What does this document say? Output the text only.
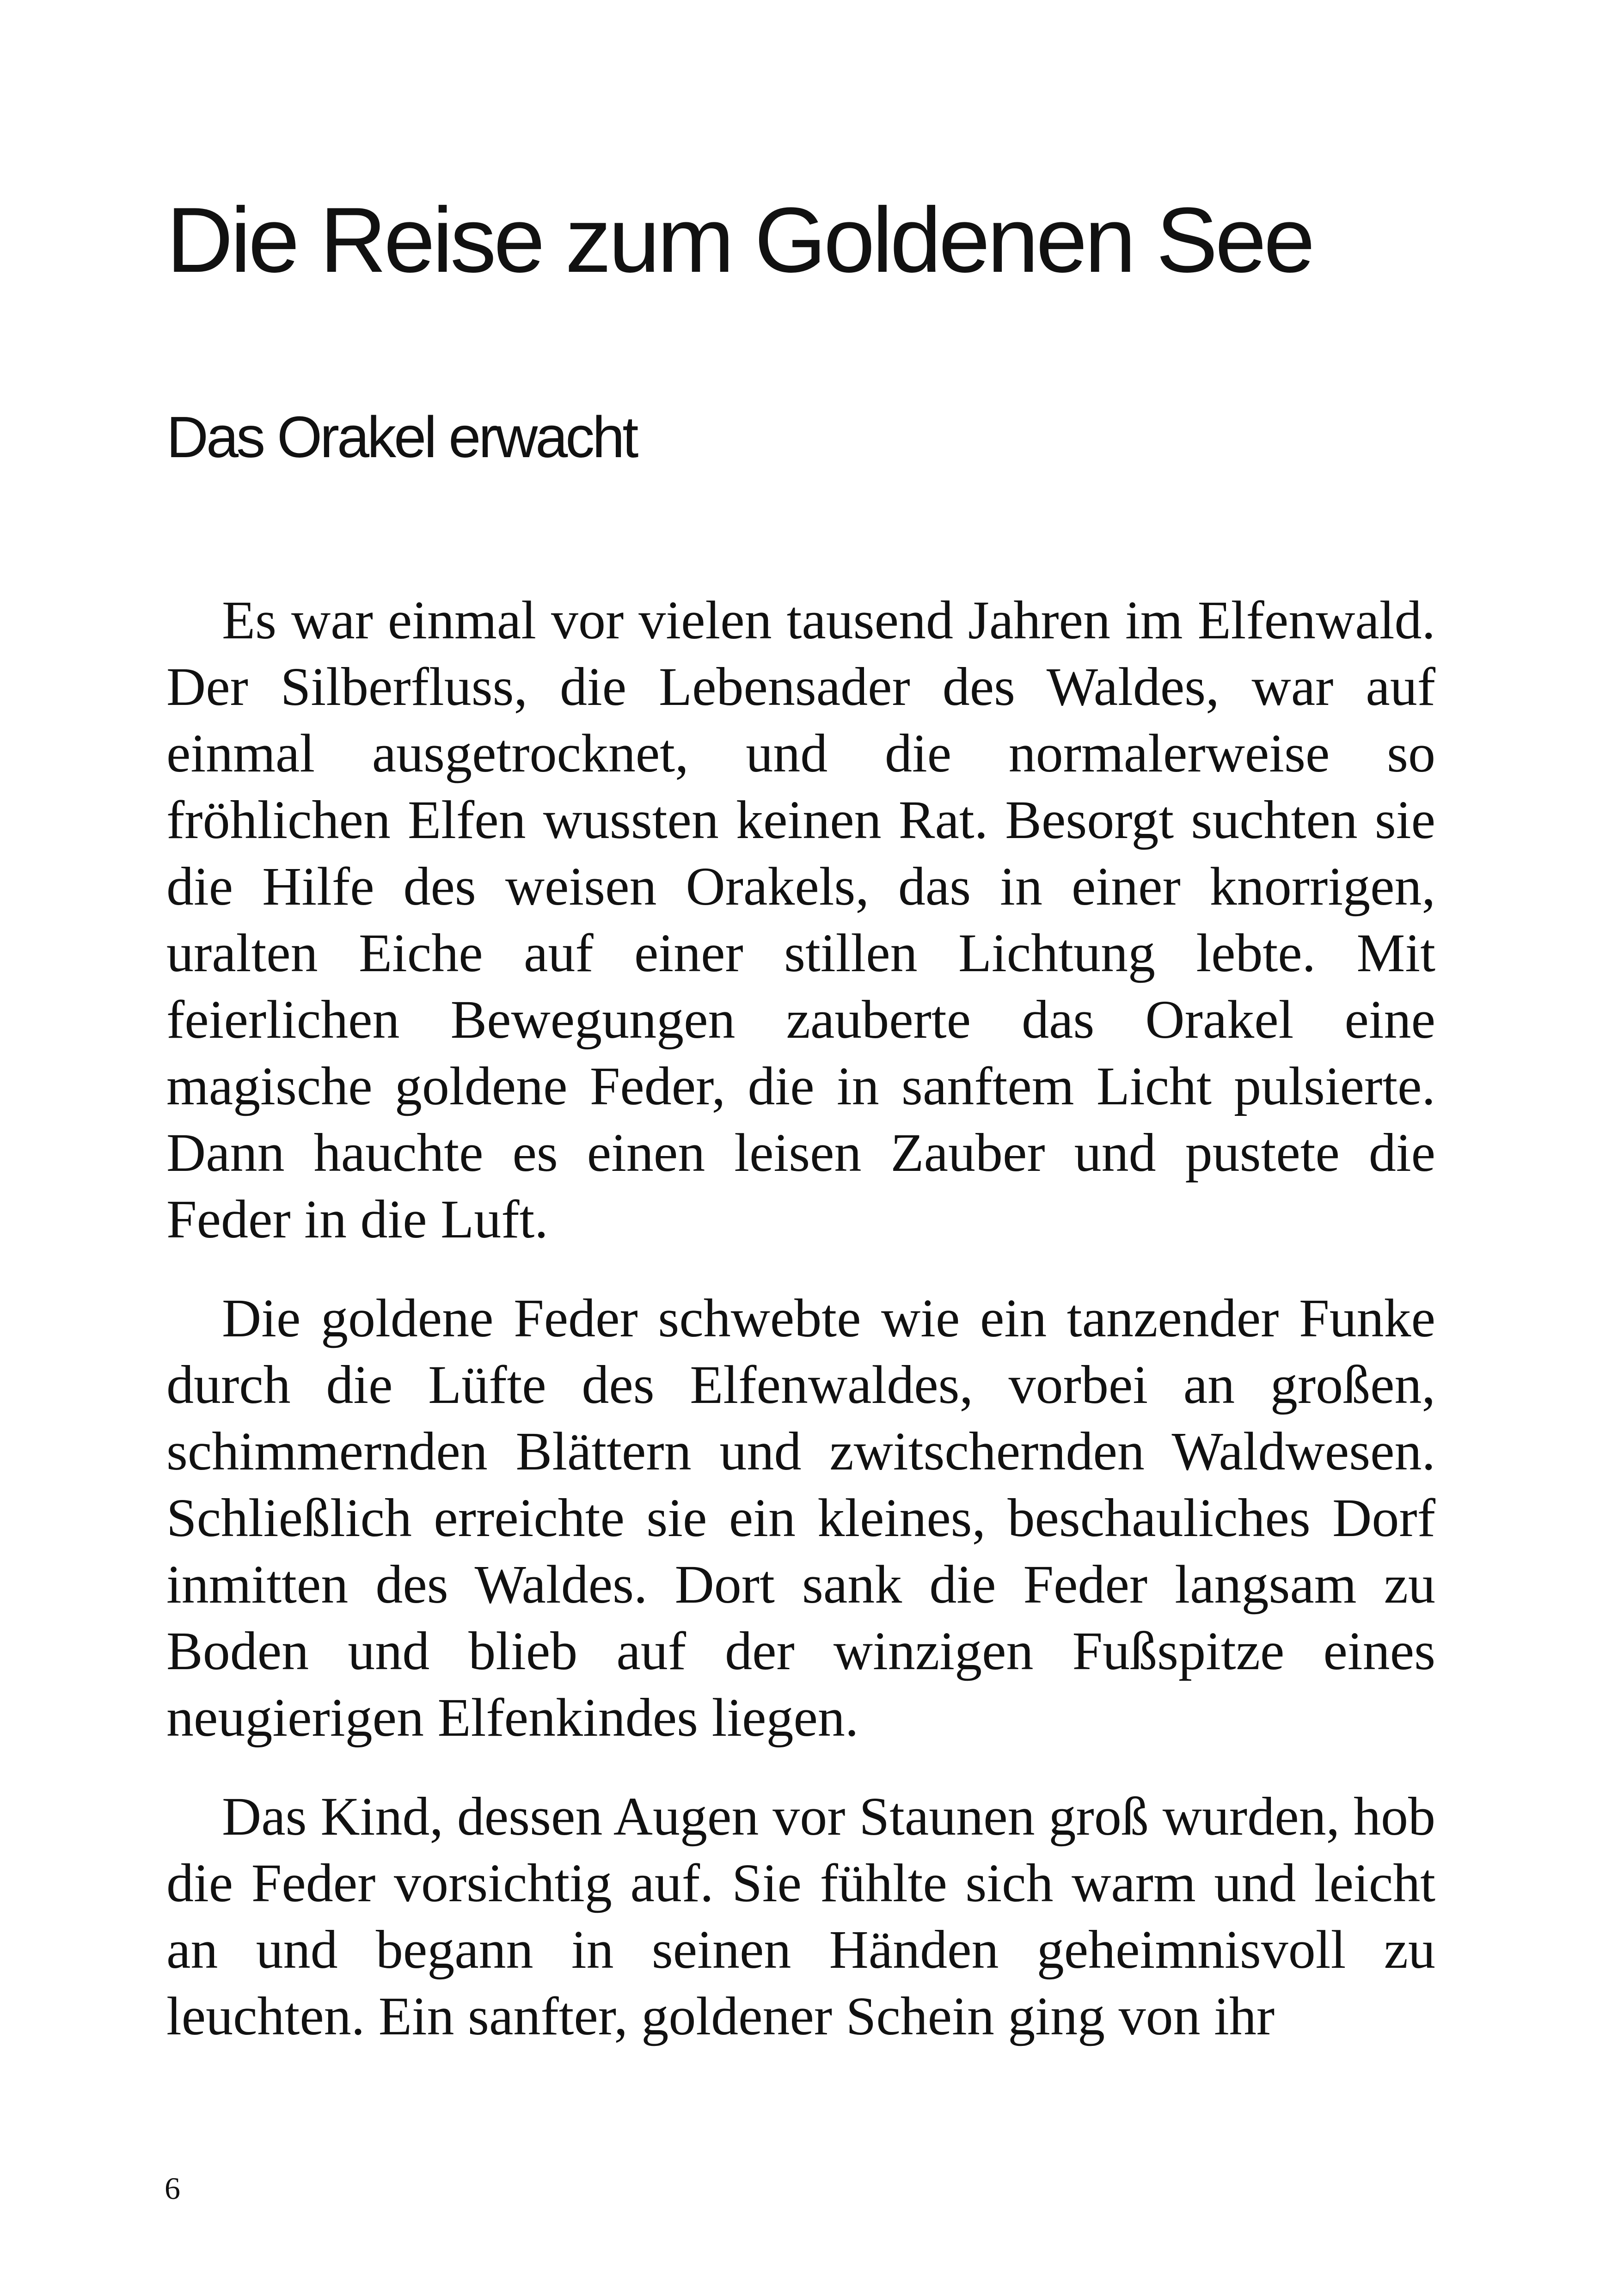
Die Reise zum Goldenen See
Das Orakel erwacht

Es war einmal vor vielen tausend Jahren im Elfenwald. Der Silberfluss, die Lebensader des Waldes, war auf einmal ausgetrocknet, und die normalerweise so fröhlichen Elfen wussten keinen Rat. Besorgt suchten sie die Hilfe des weisen Orakels, das in einer knorrigen, uralten Eiche auf einer stillen Lichtung lebte. Mit feierlichen Bewegungen zauberte das Orakel eine magische goldene Feder, die in sanftem Licht pulsierte. Dann hauchte es einen leisen Zauber und pustete die Feder in die Luft.

Die goldene Feder schwebte wie ein tanzender Funke durch die Lüfte des Elfenwaldes, vorbei an großen, schimmernden Blättern und zwitschernden Waldwesen. Schließlich erreichte sie ein kleines, beschauliches Dorf inmitten des Waldes. Dort sank die Feder langsam zu Boden und blieb auf der winzigen Fußspitze eines neugierigen Elfenkindes liegen.

Das Kind, dessen Augen vor Staunen groß wurden, hob die Feder vorsichtig auf. Sie fühlte sich warm und leicht an und begann in seinen Händen geheimnisvoll zu leuchten. Ein sanfter, goldener Schein ging von ihr

6
